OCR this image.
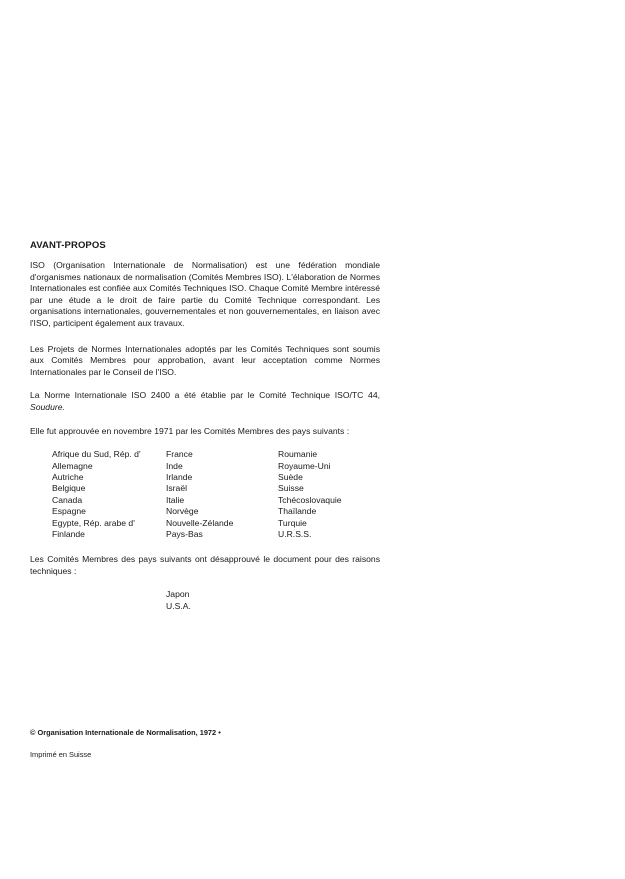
AVANT-PROPOS

ISO (Organisation Internationale de Normalisation) est une fédération mondiale d'organismes nationaux de normalisation (Comités Membres ISO). L'élaboration de Normes Internationales est confiée aux Comités Techniques ISO. Chaque Comité Membre intéressé par une étude a le droit de faire partie du Comité Technique correspondant. Les organisations internationales, gouvernementales et non gouvernementales, en liaison avec l'ISO, participent également aux travaux.

Les Projets de Normes Internationales adoptés par les Comités Techniques sont soumis aux Comités Membres pour approbation, avant leur acceptation comme Normes Internationales par le Conseil de l'ISO.

La Norme Internationale ISO 2400 a été établie par le Comité Technique ISO/TC 44, Soudure.

Elle fut approuvée en novembre 1971 par les Comités Membres des pays suivants :

Afrique du Sud, Rép. d'
Allemagne
Autriche
Belgique
Canada
Espagne
Egypte, Rép. arabe d'
Finlande
France
Inde
Irlande
Israël
Italie
Norvège
Nouvelle-Zélande
Pays-Bas
Roumanie
Royaume-Uni
Suède
Suisse
Tchécoslovaquie
Thaïlande
Turquie
U.R.S.S.

Les Comités Membres des pays suivants ont désapprouvé le document pour des raisons techniques :

Japon
U.S.A.
© Organisation Internationale de Normalisation, 1972 •
Imprimé en Suisse
